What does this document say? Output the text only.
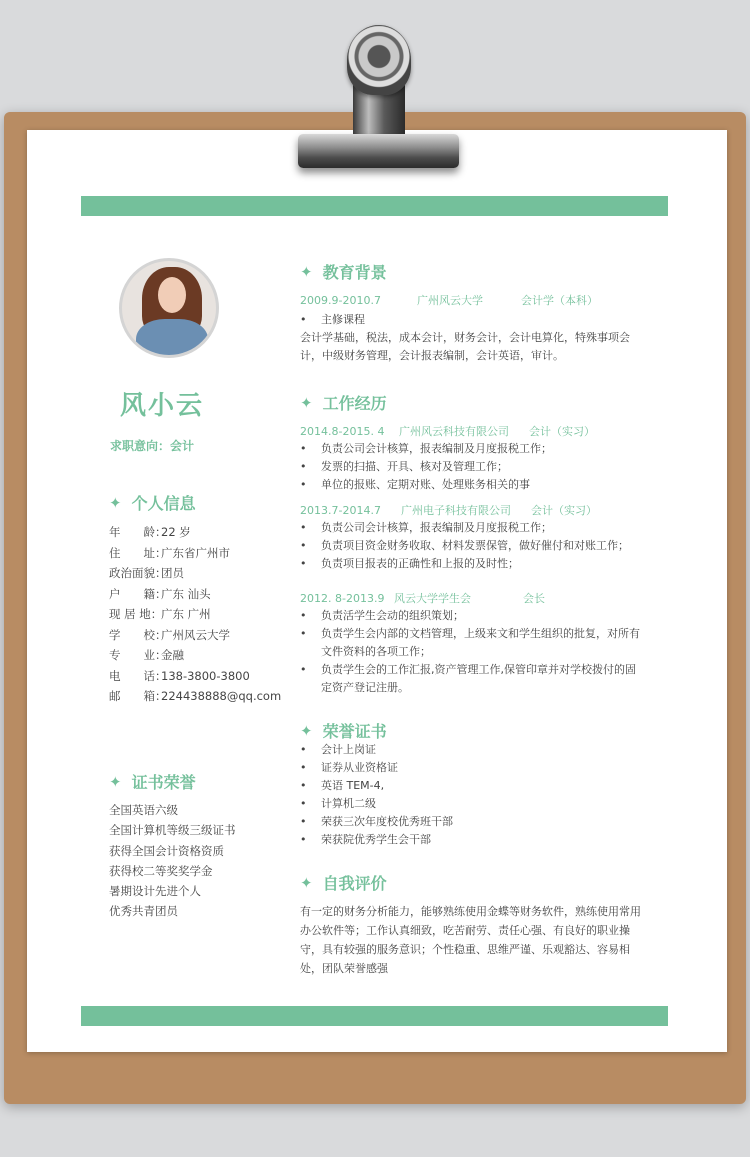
风小云
求职意向：会计
✦ 个人信息
年　　龄：
22 岁
住　　址：
广东省广州市
政治面貌：
团员
户　　籍：
广东 汕头
现 居 地：
广东 广州
学　　校：
广州风云大学
专　　业：
金融
电　　话：
138-3800-3800
邮　　箱：
224438888@qq.com
✦ 证书荣誉
全国英语六级
全国计算机等级三级证书
获得全国会计资格资质
获得校二等奖奖学金
暑期设计先进个人
优秀共青团员
✦ 教育背景
2009.9-2010.7	广州风云大学	会计学（本科）
•	主修课程
会计学基础，税法，成本会计，财务会计，会计电算化，特殊事项会计，中级财务管理，会计报表编制，会计英语，审计。
✦ 工作经历
2014.8-2015. 4	广州风云科技有限公司	会计（实习）
•	负责公司会计核算，报表编制及月度报税工作；
•	发票的扫描、开具、核对及管理工作；
•	单位的报账、定期对账、处理账务相关的事
2013.7-2014.7	广州电子科技有限公司	会计（实习）
•	负责公司会计核算，报表编制及月度报税工作；
•	负责项目资金财务收取、材料发票保管，做好催付和对账工作；
•	负责项目报表的正确性和上报的及时性；
2012. 8-2013.9 风云大学学生会	会长
•	负责活学生会动的组织策划；
•	负责学生会内部的文档管理，上级来文和学生组织的批复，对所有文件资料的各项工作；
•	负责学生会的工作汇报,资产管理工作,保管印章并对学校拨付的固定资产登记注册。
✦ 荣誉证书
•	会计上岗证
•	证券从业资格证
•	英语 TEM-4,
•	计算机二级
•	荣获三次年度校优秀班干部
•	荣获院优秀学生会干部
✦ 自我评价
有一定的财务分析能力，能够熟练使用金蝶等财务软件，熟练使用常用办公软件等；工作认真细致，吃苦耐劳、责任心强、有良好的职业操守，具有较强的服务意识；个性稳重、思维严谨、乐观豁达、容易相处，团队荣誉感强
